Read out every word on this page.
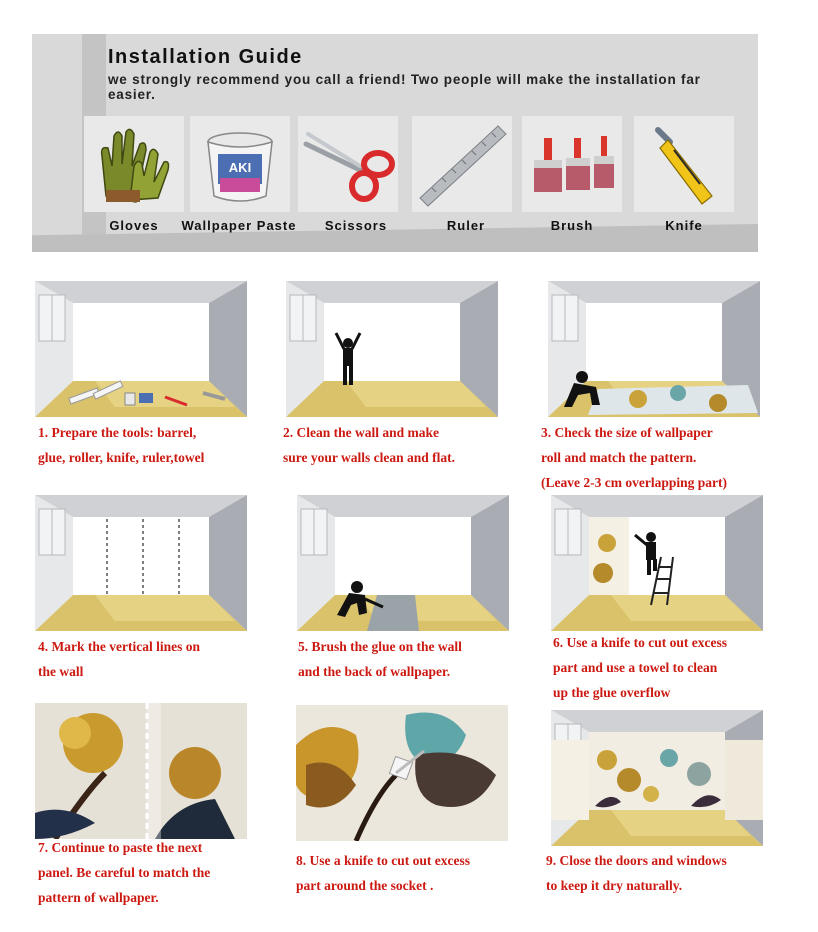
Installation Guide
we strongly recommend you call a friend! Two people will make the installation far easier.
AKI
Gloves	Wallpaper Paste	Scissors	Ruler	Brush	Knife
1. Prepare the tools: barrel,
glue, roller, knife, ruler,towel
2. Clean the wall and make
sure your walls clean and flat.
3. Check the size of wallpaper
roll and match the pattern.
(Leave 2-3 cm overlapping part)
4. Mark the vertical lines on
the wall
5. Brush the glue on the wall
and the back of wallpaper.
6. Use a knife to cut out excess
part and use a towel to clean
up the glue overflow
7. Continue to paste the next
panel. Be careful to match the
pattern of wallpaper.
8. Use a knife to cut out excess
part around the socket .
9. Close the doors and windows
to keep it dry naturally.
